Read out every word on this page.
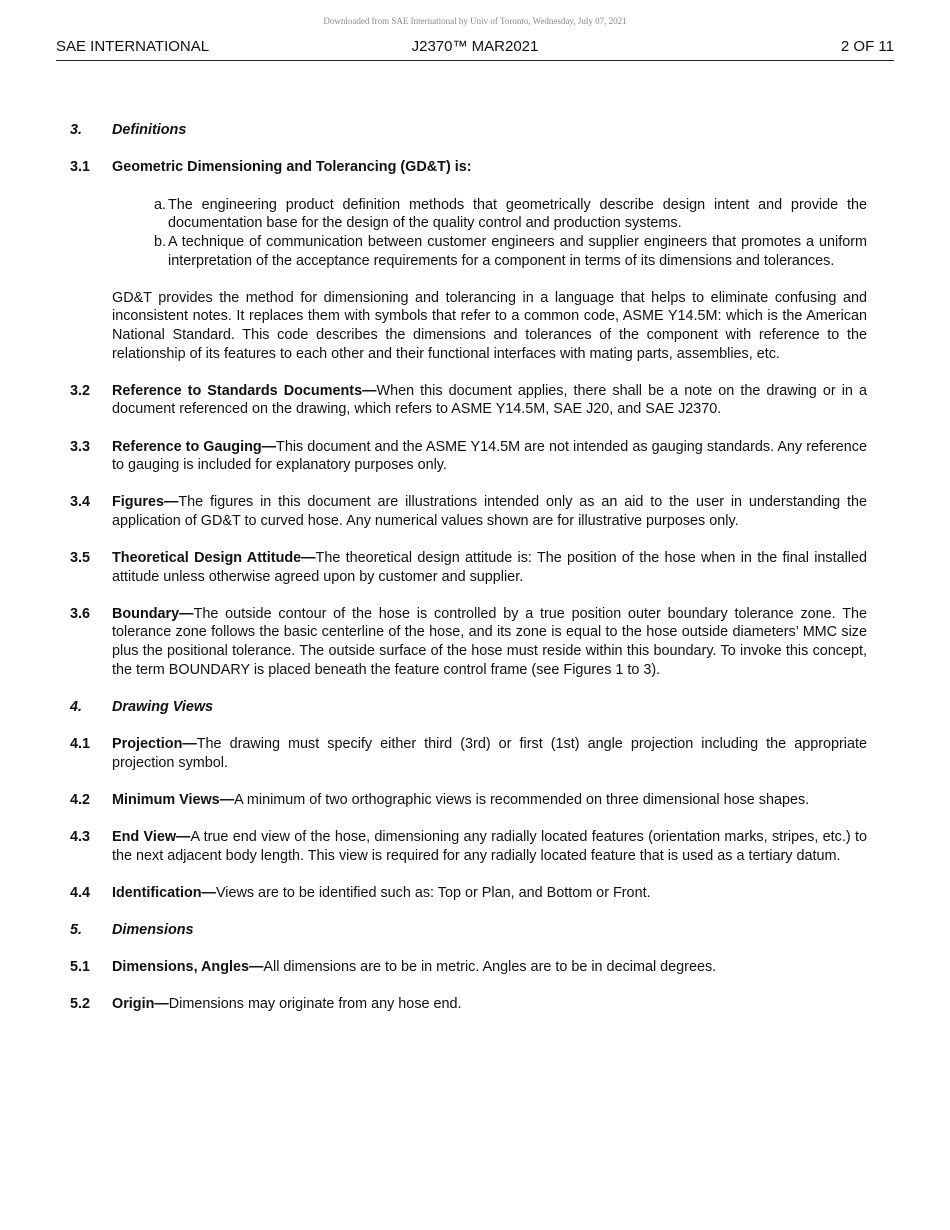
Downloaded from SAE International by Univ of Toronto, Wednesday, July 07, 2021
SAE INTERNATIONAL	J2370™ MAR2021	2 OF 11
3. Definitions
3.1 Geometric Dimensioning and Tolerancing (GD&T) is:
a. The engineering product definition methods that geometrically describe design intent and provide the documentation base for the design of the quality control and production systems.
b. A technique of communication between customer engineers and supplier engineers that promotes a uniform interpretation of the acceptance requirements for a component in terms of its dimensions and tolerances.
GD&T provides the method for dimensioning and tolerancing in a language that helps to eliminate confusing and inconsistent notes. It replaces them with symbols that refer to a common code, ASME Y14.5M: which is the American National Standard. This code describes the dimensions and tolerances of the component with reference to the relationship of its features to each other and their functional interfaces with mating parts, assemblies, etc.
3.2 Reference to Standards Documents—When this document applies, there shall be a note on the drawing or in a document referenced on the drawing, which refers to ASME Y14.5M, SAE J20, and SAE J2370.
3.3 Reference to Gauging—This document and the ASME Y14.5M are not intended as gauging standards. Any reference to gauging is included for explanatory purposes only.
3.4 Figures—The figures in this document are illustrations intended only as an aid to the user in understanding the application of GD&T to curved hose. Any numerical values shown are for illustrative purposes only.
3.5 Theoretical Design Attitude—The theoretical design attitude is: The position of the hose when in the final installed attitude unless otherwise agreed upon by customer and supplier.
3.6 Boundary—The outside contour of the hose is controlled by a true position outer boundary tolerance zone. The tolerance zone follows the basic centerline of the hose, and its zone is equal to the hose outside diameters’ MMC size plus the positional tolerance. The outside surface of the hose must reside within this boundary. To invoke this concept, the term BOUNDARY is placed beneath the feature control frame (see Figures 1 to 3).
4. Drawing Views
4.1 Projection—The drawing must specify either third (3rd) or first (1st) angle projection including the appropriate projection symbol.
4.2 Minimum Views—A minimum of two orthographic views is recommended on three dimensional hose shapes.
4.3 End View—A true end view of the hose, dimensioning any radially located features (orientation marks, stripes, etc.) to the next adjacent body length. This view is required for any radially located feature that is used as a tertiary datum.
4.4 Identification—Views are to be identified such as: Top or Plan, and Bottom or Front.
5. Dimensions
5.1 Dimensions, Angles—All dimensions are to be in metric. Angles are to be in decimal degrees.
5.2 Origin—Dimensions may originate from any hose end.
